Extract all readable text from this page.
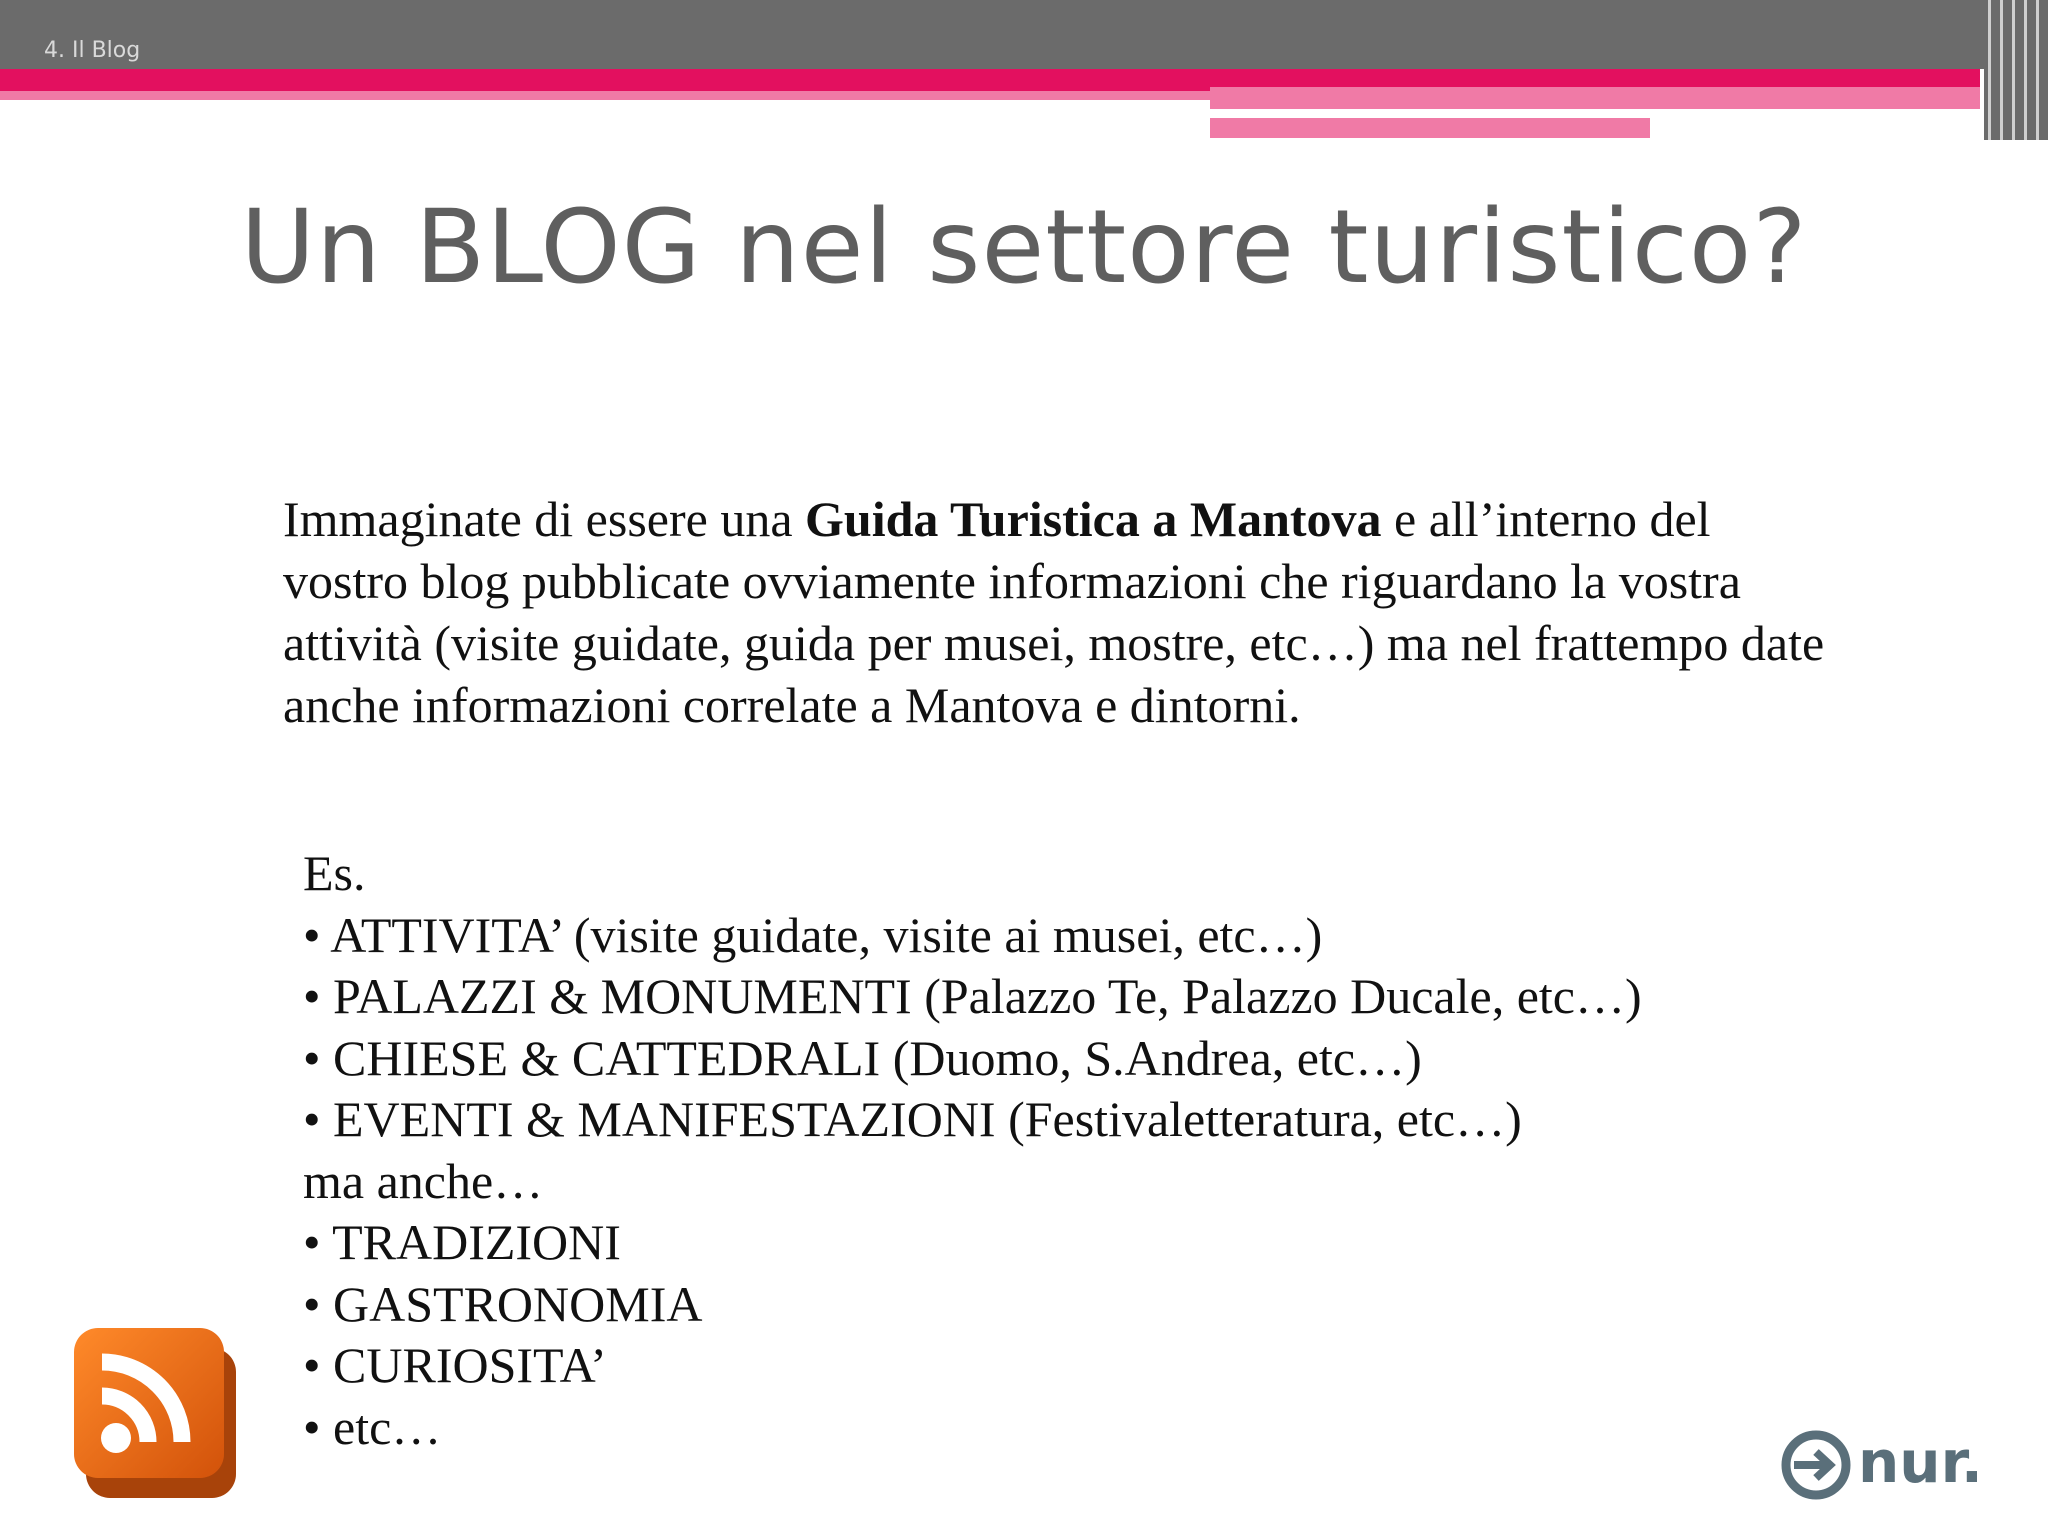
4. Il Blog
Un BLOG nel settore turistico?
Immaginate di essere una Guida Turistica a Mantova e all’interno del vostro blog pubblicate ovviamente informazioni che riguardano la vostra attività (visite guidate, guida per musei, mostre, etc…) ma nel frattempo date anche informazioni correlate a Mantova e dintorni.
Es.
• ATTIVITA’ (visite guidate, visite ai musei, etc…)
• PALAZZI & MONUMENTI (Palazzo Te, Palazzo Ducale, etc…)
• CHIESE & CATTEDRALI (Duomo, S.Andrea, etc…)
• EVENTI & MANIFESTAZIONI (Festivaletteratura, etc…)
ma anche…
• TRADIZIONI
• GASTRONOMIA
• CURIOSITA’
• etc…
nur.
